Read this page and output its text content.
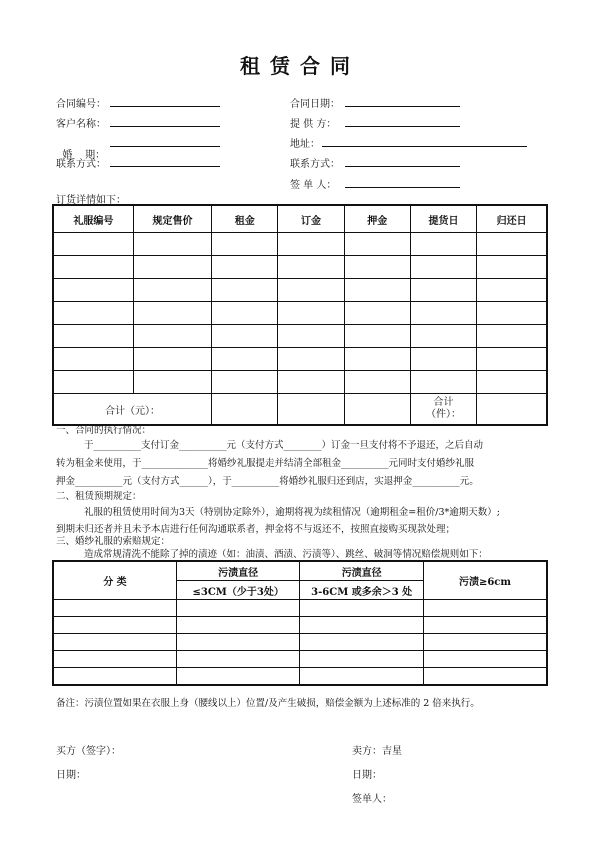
租赁合同
合同编号：
客户名称：

婚    期：

联系方式：
合同日期：
提 供 方：
地址：
联系方式：
签 单 人：
订货详情如下：
礼服编号	规定售价	租金	订金	押金	提货日	归还日

合计（元）：					合计
（件）：	

一、合同的执行情况：
于__________支付订金__________元（支付方式________）订金一旦支付将不予退还，之后自动
转为租金来使用，于______________将婚纱礼服提走并结清全部租金__________元同时支付婚纱礼服
押金__________元（支付方式______），于__________将婚纱礼服归还到店，实退押金__________元。
二、租赁预期规定：
礼服的租赁使用时间为3天（特别协定除外），逾期将视为续租情况（逾期租金=租价/3*逾期天数）;
到期未归还者并且未予本店进行任何沟通联系者，押金将不与返还不，按照直接购买现款处理；
三、婚纱礼服的索赔规定：
造成常规清洗不能除了掉的渍迹（如：油渍、酒渍、污渍等）、跳丝、破洞等情况赔偿规则如下：
分 类	污渍直径	污渍直径	污渍≥6cm
	≤3CM（少于3处）	3-6CM 或多余＞3 处	

备注：污渍位置如果在衣服上身（腰线以上）位置/及产生破损，赔偿金额为上述标准的 2 倍来执行。
买方（签字）：
日期：
卖方：吉星
日期：
签单人：
